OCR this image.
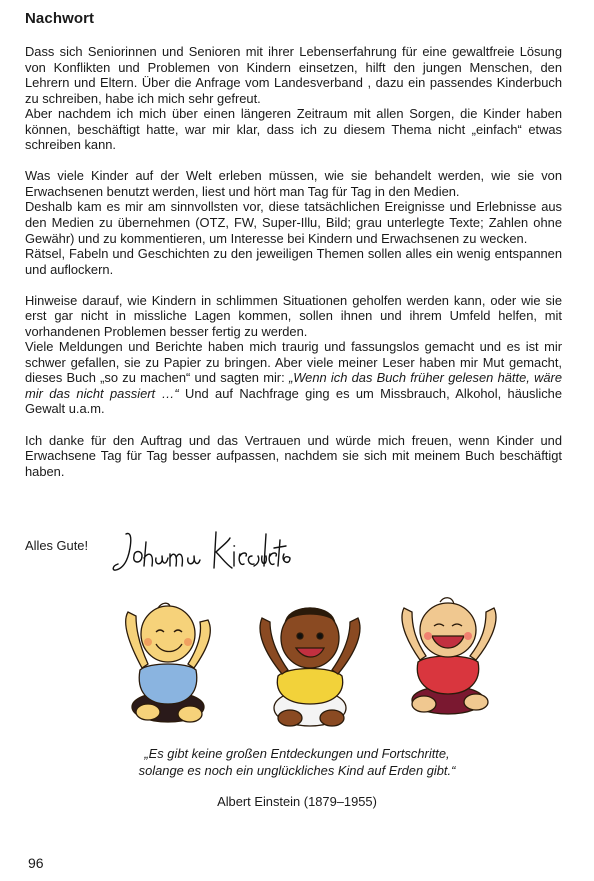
Nachwort

Dass sich Seniorinnen und Senioren mit ihrer Lebenserfahrung für eine gewaltfreie Lösung von Konflikten und Problemen von Kindern einsetzen, hilft den jungen Menschen, den Lehrern und Eltern. Über die Anfrage vom Landesverband , dazu ein passendes Kinderbuch zu schreiben, habe ich mich sehr gefreut.

Aber nachdem ich mich über einen längeren Zeitraum mit allen Sorgen, die Kinder haben können, beschäftigt hatte, war mir klar, dass ich zu diesem Thema nicht „einfach“ etwas schreiben kann.

Was viele Kinder auf der Welt erleben müssen, wie sie behandelt werden, wie sie von Erwachsenen benutzt werden, liest und hört man Tag für Tag in den Medien.

Deshalb kam es mir am sinnvollsten vor, diese tatsächlichen Ereignisse und Erlebnisse aus den Medien zu übernehmen (OTZ, FW, Super-Illu, Bild; grau unterlegte Texte; Zahlen ohne Gewähr) und zu kommentieren, um Interesse bei Kindern und Erwachsenen zu wecken.

Rätsel, Fabeln und Geschichten zu den jeweiligen Themen sollen alles ein wenig entspannen und auflockern.

Hinweise darauf, wie Kindern in schlimmen Situationen geholfen werden kann, oder wie sie erst gar nicht in missliche Lagen kommen, sollen ihnen und ihrem Umfeld helfen, mit vorhandenen Problemen besser fertig zu werden.

Viele Meldungen und Berichte haben mich traurig und fassungslos gemacht und es ist mir schwer gefallen, sie zu Papier zu bringen. Aber viele meiner Leser haben mir Mut gemacht, dieses Buch „so zu machen“ und sagten mir: „Wenn ich das Buch früher gelesen hätte, wäre mir das nicht passiert …“ Und auf Nachfrage ging es um Missbrauch, Alkohol, häusliche Gewalt u.a.m.

Ich danke für den Auftrag und das Vertrauen und würde mich freuen, wenn Kinder und Erwachsene Tag für Tag besser aufpassen, nachdem sie sich mit meinem Buch beschäftigt haben.

Alles Gute!
„Es gibt keine großen Entdeckungen und Fortschritte,
solange es noch ein unglückliches Kind auf Erden gibt.“
Albert Einstein (1879–1955)
96
